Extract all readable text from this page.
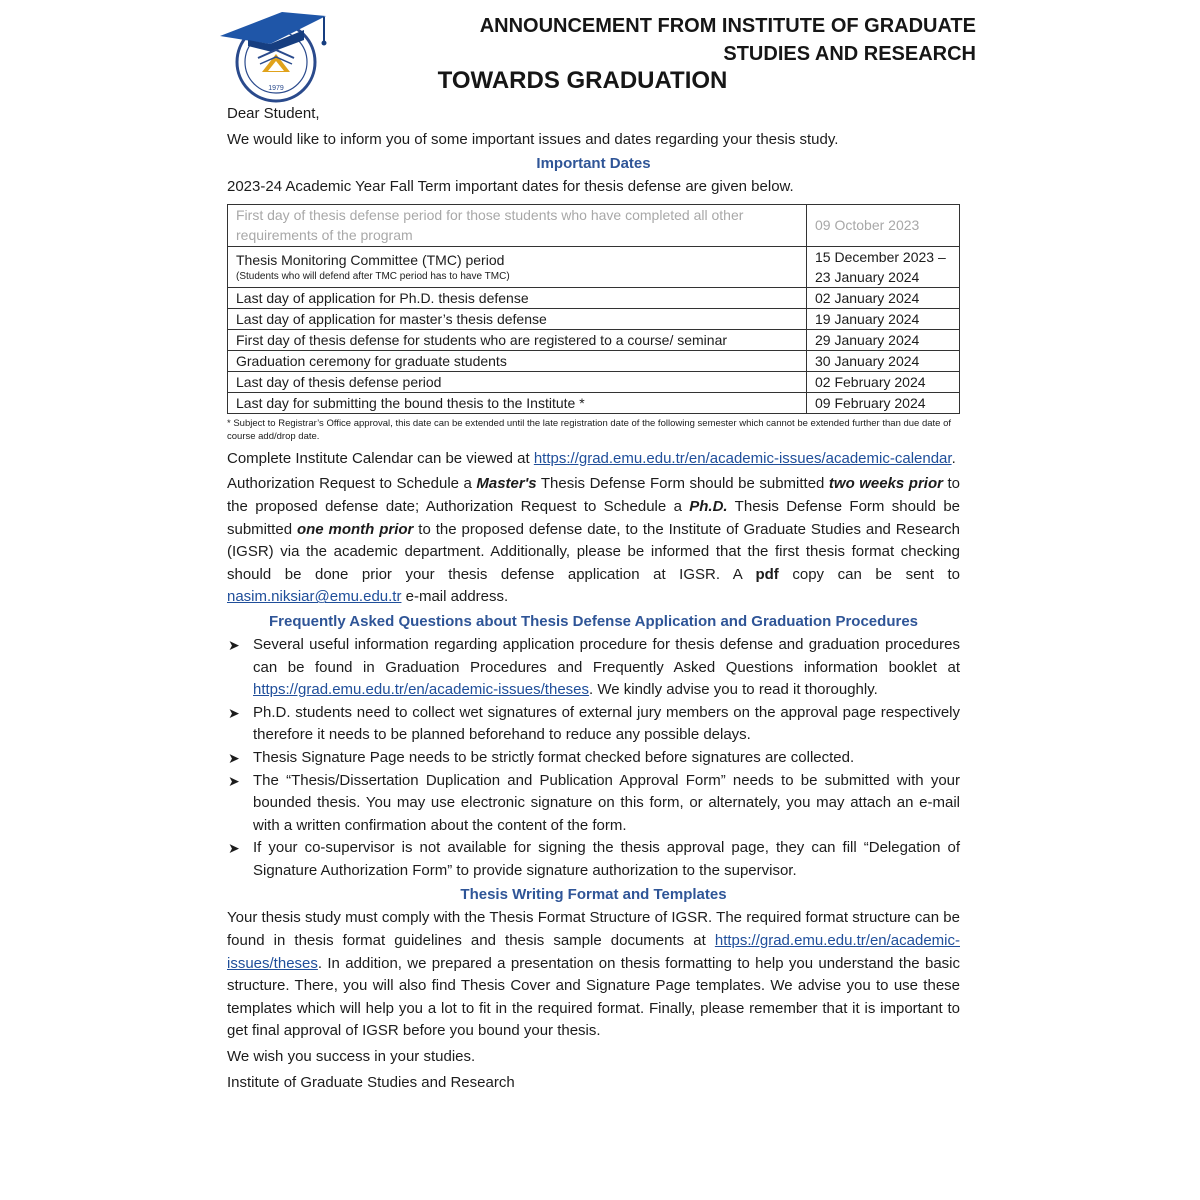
1979
ANNOUNCEMENT FROM INSTITUTE OF GRADUATE
STUDIES AND RESEARCH
TOWARDS GRADUATION

Dear Student,

We would like to inform you of some important issues and dates regarding your thesis study.

Important Dates

2023-24 Academic Year Fall Term important dates for thesis defense are given below.

First day of thesis defense period for those students who have completed all other requirements of the program	09 October 2023
Thesis Monitoring Committee (TMC) period
(Students who will defend after TMC period has to have TMC)	15 December 2023 – 23 January 2024
Last day of application for Ph.D. thesis defense	02 January 2024
Last day of application for master’s thesis defense	19 January 2024
First day of thesis defense for students who are registered to a course/ seminar	29 January 2024
Graduation ceremony for graduate students	30 January 2024
Last day of thesis defense period	02 February 2024
Last day for submitting the bound thesis to the Institute *	09 February 2024
* Subject to Registrar’s Office approval, this date can be extended until the late registration date of the following semester which cannot be extended further than due date of course add/drop date.

Complete Institute Calendar can be viewed at https://grad.emu.edu.tr/en/academic-issues/academic-calendar.

Authorization Request to Schedule a Master's Thesis Defense Form should be submitted two weeks prior to the proposed defense date; Authorization Request to Schedule a Ph.D. Thesis Defense Form should be submitted one month prior to the proposed defense date, to the Institute of Graduate Studies and Research (IGSR) via the academic department. Additionally, please be informed that the first thesis format checking should be done prior your thesis defense application at IGSR. A pdf copy can be sent to nasim.niksiar@emu.edu.tr e-mail address.

Frequently Asked Questions about Thesis Defense Application and Graduation Procedures
➤ Several useful information regarding application procedure for thesis defense and graduation procedures can be found in Graduation Procedures and Frequently Asked Questions information booklet at https://grad.emu.edu.tr/en/academic-issues/theses. We kindly advise you to read it thoroughly.
➤ Ph.D. students need to collect wet signatures of external jury members on the approval page respectively therefore it needs to be planned beforehand to reduce any possible delays.
➤ Thesis Signature Page needs to be strictly format checked before signatures are collected.
➤ The “Thesis/Dissertation Duplication and Publication Approval Form” needs to be submitted with your bounded thesis. You may use electronic signature on this form, or alternately, you may attach an e-mail with a written confirmation about the content of the form.
➤ If your co-supervisor is not available for signing the thesis approval page, they can fill “Delegation of Signature Authorization Form” to provide signature authorization to the supervisor.
Thesis Writing Format and Templates

Your thesis study must comply with the Thesis Format Structure of IGSR. The required format structure can be found in thesis format guidelines and thesis sample documents at https://grad.emu.edu.tr/en/academic-issues/theses. In addition, we prepared a presentation on thesis formatting to help you understand the basic structure. There, you will also find Thesis Cover and Signature Page templates. We advise you to use these templates which will help you a lot to fit in the required format. Finally, please remember that it is important to get final approval of IGSR before you bound your thesis.

We wish you success in your studies.

Institute of Graduate Studies and Research
